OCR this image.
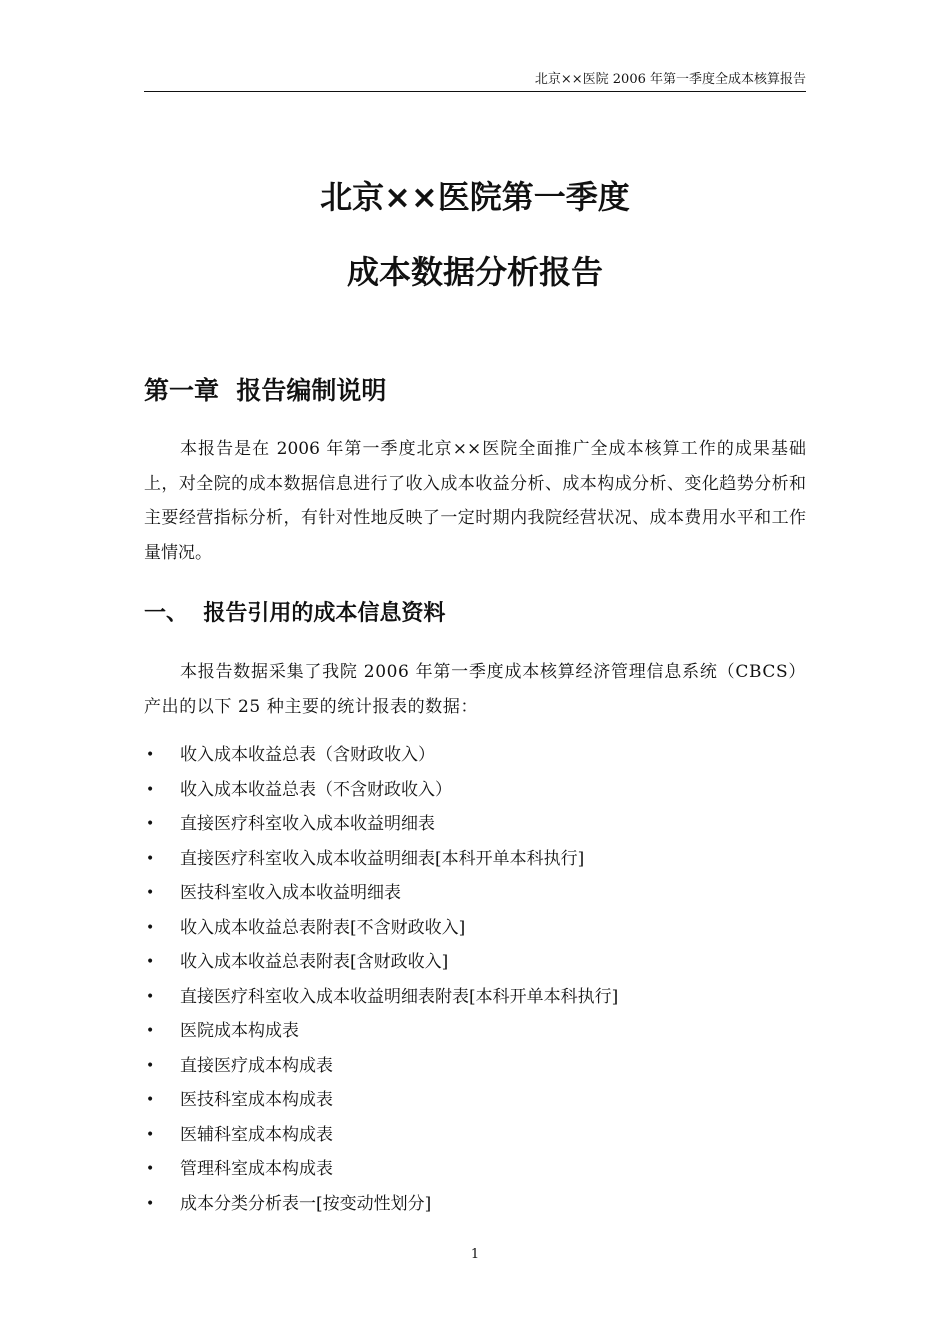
北京××医院 2006 年第一季度全成本核算报告
北京××医院第一季度
成本数据分析报告
第一章  报告编制说明

本报告是在 2006 年第一季度北京××医院全面推广全成本核算工作的成果基础上，对全院的成本数据信息进行了收入成本收益分析、成本构成分析、变化趋势分析和主要经营指标分析，有针对性地反映了一定时期内我院经营状况、成本费用水平和工作量情况。

一、  报告引用的成本信息资料

本报告数据采集了我院 2006 年第一季度成本核算经济管理信息系统（CBCS）产出的以下 25 种主要的统计报表的数据：

• 收入成本收益总表（含财政收入）
• 收入成本收益总表（不含财政收入）
• 直接医疗科室收入成本收益明细表
• 直接医疗科室收入成本收益明细表[本科开单本科执行]
• 医技科室收入成本收益明细表
• 收入成本收益总表附表[不含财政收入]
• 收入成本收益总表附表[含财政收入]
• 直接医疗科室收入成本收益明细表附表[本科开单本科执行]
• 医院成本构成表
• 直接医疗成本构成表
• 医技科室成本构成表
• 医辅科室成本构成表
• 管理科室成本构成表
• 成本分类分析表一[按变动性划分]
1
